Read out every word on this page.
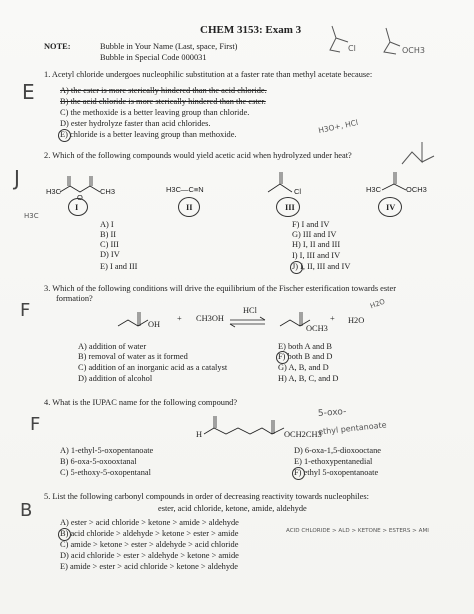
CHEM 3153: Exam 3
NOTE:	Bubble in Your Name (Last, space, First)
Bubble in Special Code 000031
Cl	OCH3
1. Acetyl chloride undergoes nucleophilic substitution at a faster rate than methyl acetate because:
E	A) the ester is more sterically hindered than the acid chloride.
B) the acid chloride is more sterically hindered than the ester.
C) the methoxide is a better leaving group than chloride.
D) ester hydrolyze faster than acid chlorides.
E) chloride is a better leaving group than methoxide.	H3O+, HCl
2. Which of the following compounds would yield acetic acid when hydrolyzed under heat?
J
H3C
O
CH3	H3C—C≡N	Cl	H3C	OCH3
I	II	III	IV
H3C
A) I
B) II
C) III
D) IV
E) I and III
F) I and IV
G) III and IV
H) I, II and III
I) I, III and IV
J) I, II, III and IV
3. Which of the following conditions will drive the equilibrium of the Fischer esterification towards ester
formation?
F
OH
+ CH3OH
HCl
OCH3
+ H2O
H2O
A) addition of water
B) removal of water as it formed
C) addition of an inorganic acid as a catalyst
D) addition of alcohol
E) both A and B
F) both B and D
G) A, B, and D
H) A, B, C, and D
4. What is the IUPAC name for the following compound?
F	H	OCH2CH3
5-oxo-
ethyl pentanoate
A) 1-ethyl-5-oxopentanoate
B) 6-oxa-5-oxooxtanal
C) 5-ethoxy-5-oxopentanal
D) 6-oxa-1,5-dioxooctane
E) 1-ethoxypentanedial
F) ethyl 5-oxopentanoate
5. List the following carbonyl compounds in order of decreasing reactivity towards nucleophiles:
ester, acid chloride, ketone, amide, aldehyde
B
A) ester > acid chloride > ketone > amide > aldehyde
B) acid chloride > aldehyde > ketone > ester > amide
C) amide > ketone > ester > aldehyde > acid chloride
D) acid chloride > ester > aldehyde > ketone > amide
E) amide > ester > acid chloride > ketone > aldehyde
ACID CHLORIDE > ALD > KETONE > ESTERS > AMI
